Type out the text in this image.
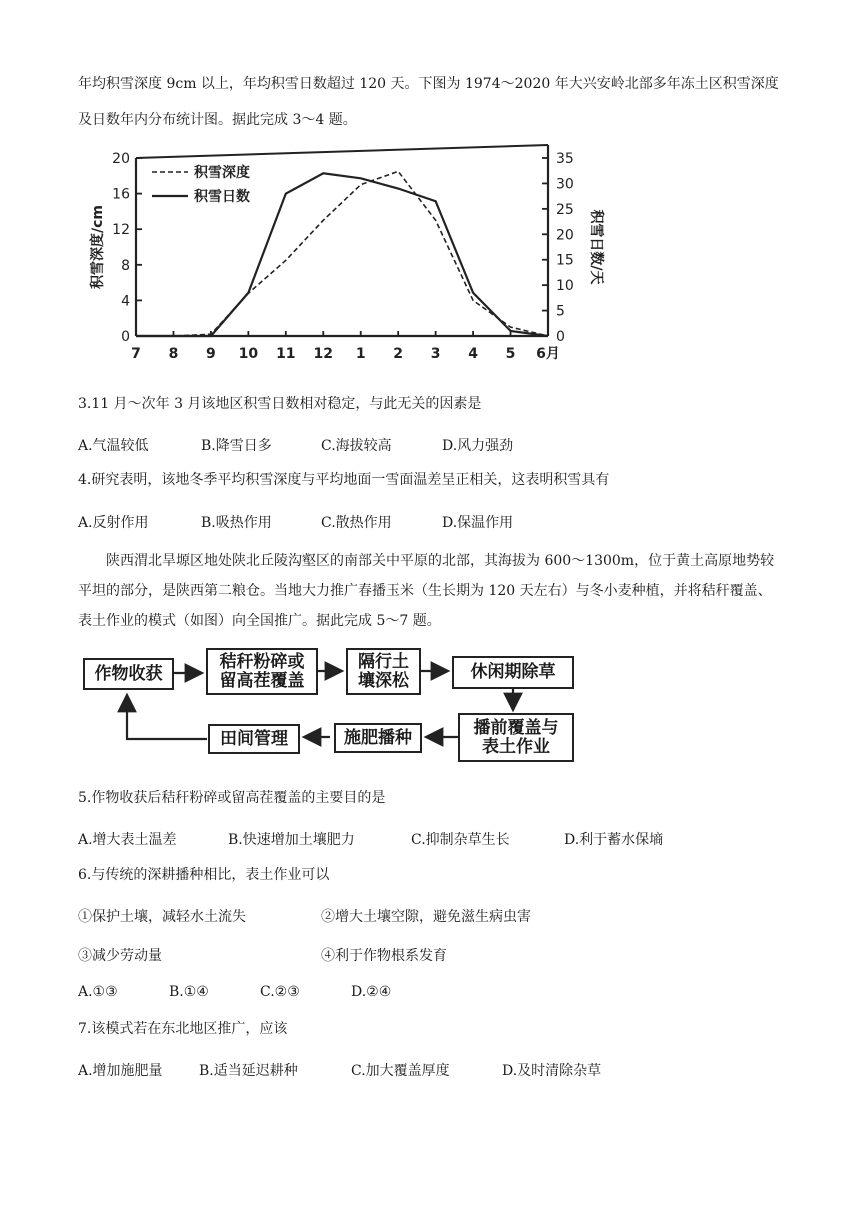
年均积雪深度 9cm 以上，年均积雪日数超过 120 天。下图为 1974～2020 年大兴安岭北部多年冻土区积雪深度及日数年内分布统计图。据此完成 3～4 题。
0
4
8
12
16
20
0
5
10
15
20
25
30
35
7 8 9 10 11 12 1 2 3 4 5 6月
积雪深度/cm	积雪日数/天
积雪深度
积雪日数
3.11 月～次年 3 月该地区积雪日数相对稳定，与此无关的因素是
A.气温较低	B.降雪日多	C.海拔较高	D.风力强劲
4.研究表明，该地冬季平均积雪深度与平均地面一雪面温差呈正相关，这表明积雪具有
A.反射作用	B.吸热作用	C.散热作用	D.保温作用
陕西渭北旱塬区地处陕北丘陵沟壑区的南部关中平原的北部，其海拔为 600～1300m，位于黄土高原地势较平坦的部分，是陕西第二粮仓。当地大力推广春播玉米（生长期为 120 天左右）与冬小麦种植，并将秸秆覆盖、表土作业的模式（如图）向全国推广。据此完成 5～7 题。
作物收获
秸秆粉碎或留高茬覆盖
隔行土壤深松	休闲期除草
播前覆盖与表土作业
施肥播种
田间管理
5.作物收获后秸秆粉碎或留高茬覆盖的主要目的是
A.增大表土温差	B.快速增加土壤肥力	C.抑制杂草生长	D.利于蓄水保墒
6.与传统的深耕播种相比，表土作业可以
①保护土壤，减轻水土流失	②增大土壤空隙，避免滋生病虫害
③减少劳动量	④利于作物根系发育
A.①③	B.①④	C.②③	D.②④
7.该模式若在东北地区推广，应该
A.增加施肥量	B.适当延迟耕种	C.加大覆盖厚度	D.及时清除杂草
